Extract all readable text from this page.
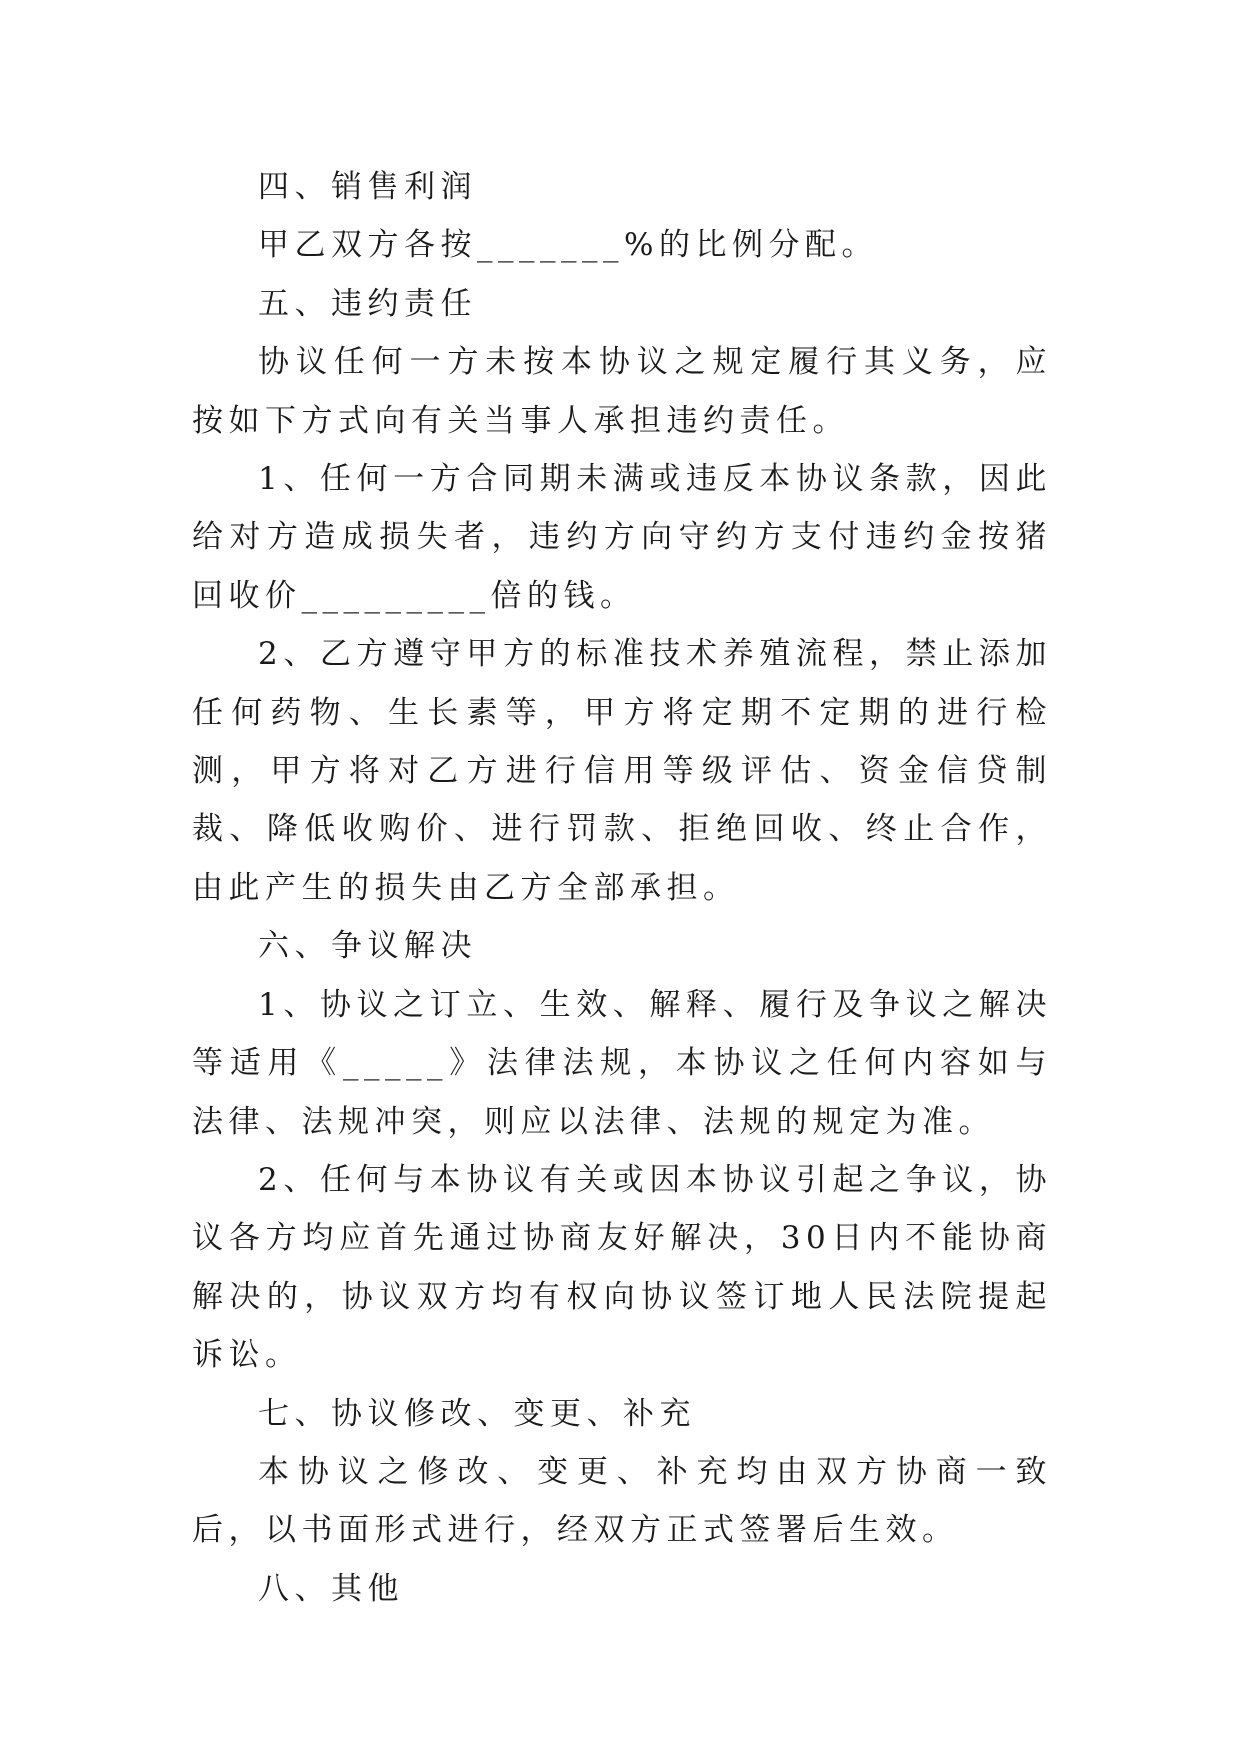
四、销售利润

甲乙双方各按_______%的比例分配。

五、违约责任

协议任何一方未按本协议之规定履行其义务，应按如下方式向有关当事人承担违约责任。

1、任何一方合同期未满或违反本协议条款，因此给对方造成损失者，违约方向守约方支付违约金按猪回收价_________倍的钱。

2、乙方遵守甲方的标准技术养殖流程，禁止添加任何药物、生长素等，甲方将定期不定期的进行检测，甲方将对乙方进行信用等级评估、资金信贷制裁、降低收购价、进行罚款、拒绝回收、终止合作，由此产生的损失由乙方全部承担。

六、争议解决

1、协议之订立、生效、解释、履行及争议之解决等适用《_____》法律法规，本协议之任何内容如与法律、法规冲突，则应以法律、法规的规定为准。

2、任何与本协议有关或因本协议引起之争议，协议各方均应首先通过协商友好解决，30日内不能协商解决的，协议双方均有权向协议签订地人民法院提起诉讼。

七、协议修改、变更、补充

本协议之修改、变更、补充均由双方协商一致后，以书面形式进行，经双方正式签署后生效。

八、其他
